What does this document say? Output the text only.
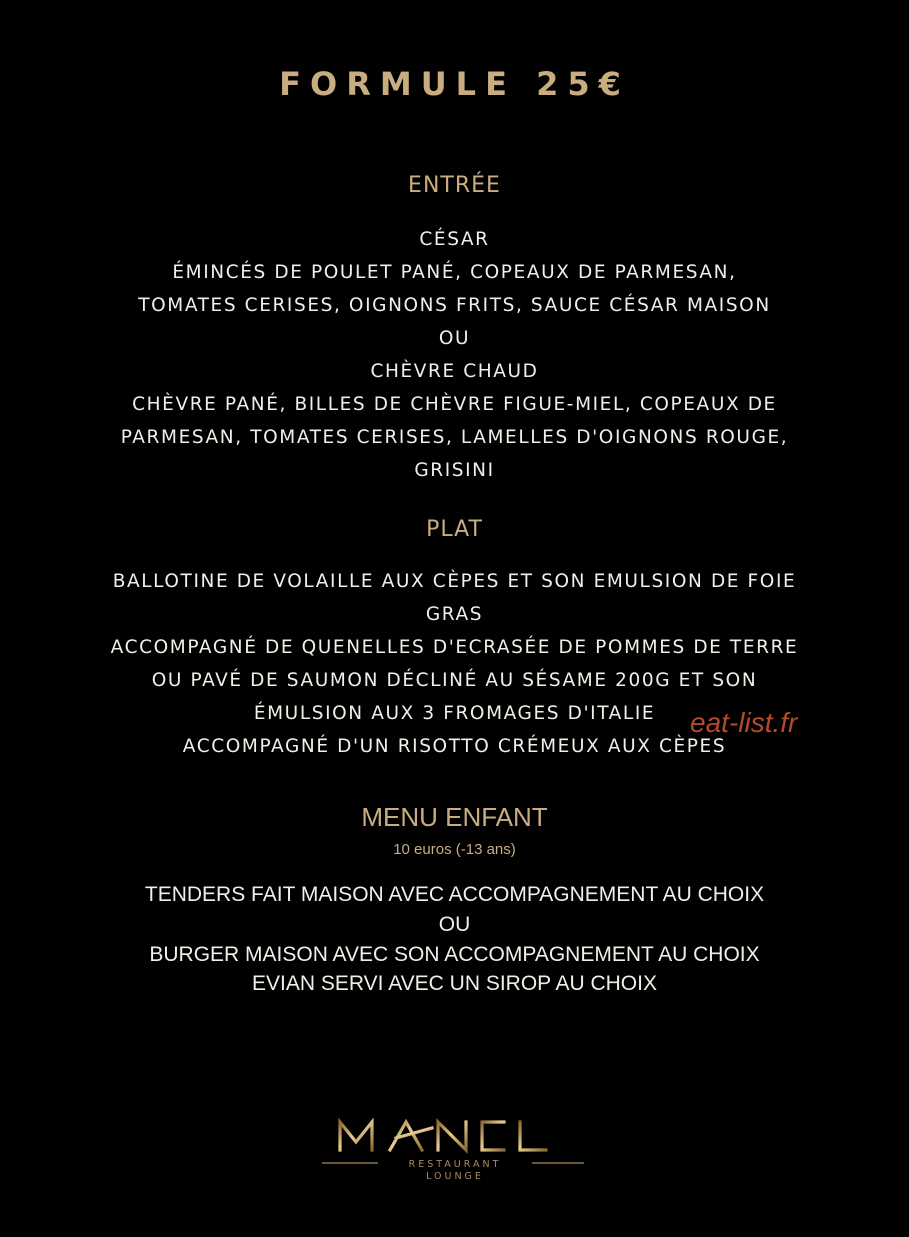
FORMULE 25€
ENTRÉE
CÉSAR
ÉMINCÉS DE POULET PANÉ, COPEAUX DE PARMESAN,
TOMATES CERISES, OIGNONS FRITS, SAUCE CÉSAR MAISON
OU
CHÈVRE CHAUD
CHÈVRE PANÉ, BILLES DE CHÈVRE FIGUE-MIEL, COPEAUX DE
PARMESAN, TOMATES CERISES, LAMELLES D'OIGNONS ROUGE,
GRISINI
PLAT
BALLOTINE DE VOLAILLE AUX CÈPES ET SON EMULSION DE FOIE
GRAS
ACCOMPAGNÉ DE QUENELLES D'ECRASÉE DE POMMES DE TERRE
OU PAVÉ DE SAUMON DÉCLINÉ AU SÉSAME 200G ET SON
ÉMULSION AUX 3 FROMAGES D'ITALIE
ACCOMPAGNÉ D'UN RISOTTO CRÉMEUX AUX CÈPES
eat-list.fr
MENU ENFANT
10 euros (-13 ans)
TENDERS FAIT MAISON AVEC ACCOMPAGNEMENT AU CHOIX
OU
BURGER MAISON AVEC SON ACCOMPAGNEMENT AU CHOIX
EVIAN SERVI AVEC UN SIROP AU CHOIX
RESTAURANT
LOUNGE
